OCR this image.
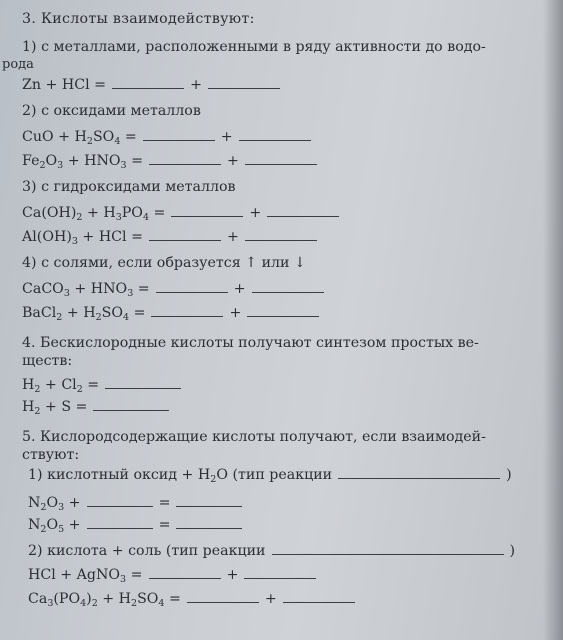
3. Кислоты взаимодействуют:
1) с металлами, расположенными в ряду активности до водо-
рода
Zn + HCl =	+
2) с оксидами металлов
CuO + $H_2SO_4$ =	+
$Fe_2O_3 + HNO_3$ =	+
3) с гидроксидами металлов
$Ca(OH)_2 + H_3PO_4$ =	+
$Al(OH)_3$ + HCl =	+
4) с солями, если образуется ↑ или ↓
CaCO$_3$ + $HNO_3$ =	+
BaCl$_2$ + $H_2SO_4$ =	+
4. Бескислородные кислоты получают синтезом простых ве-
ществ:
$H_2 + Cl_2$ =
$H_2 + S$ =
5. Кислородсодержащие кислоты получают, если взаимодей-
ствуют:
1) кислотный оксид + $H_2O$ (тип реакции	)
$N_2O_3$ +	=
$N_2O_5$ +	=
2) кислота + соль (тип реакции	)
HCl + AgNO$_3$ =	+
$Ca_3(PO_4)_2 + H_2SO_4$ =	+
